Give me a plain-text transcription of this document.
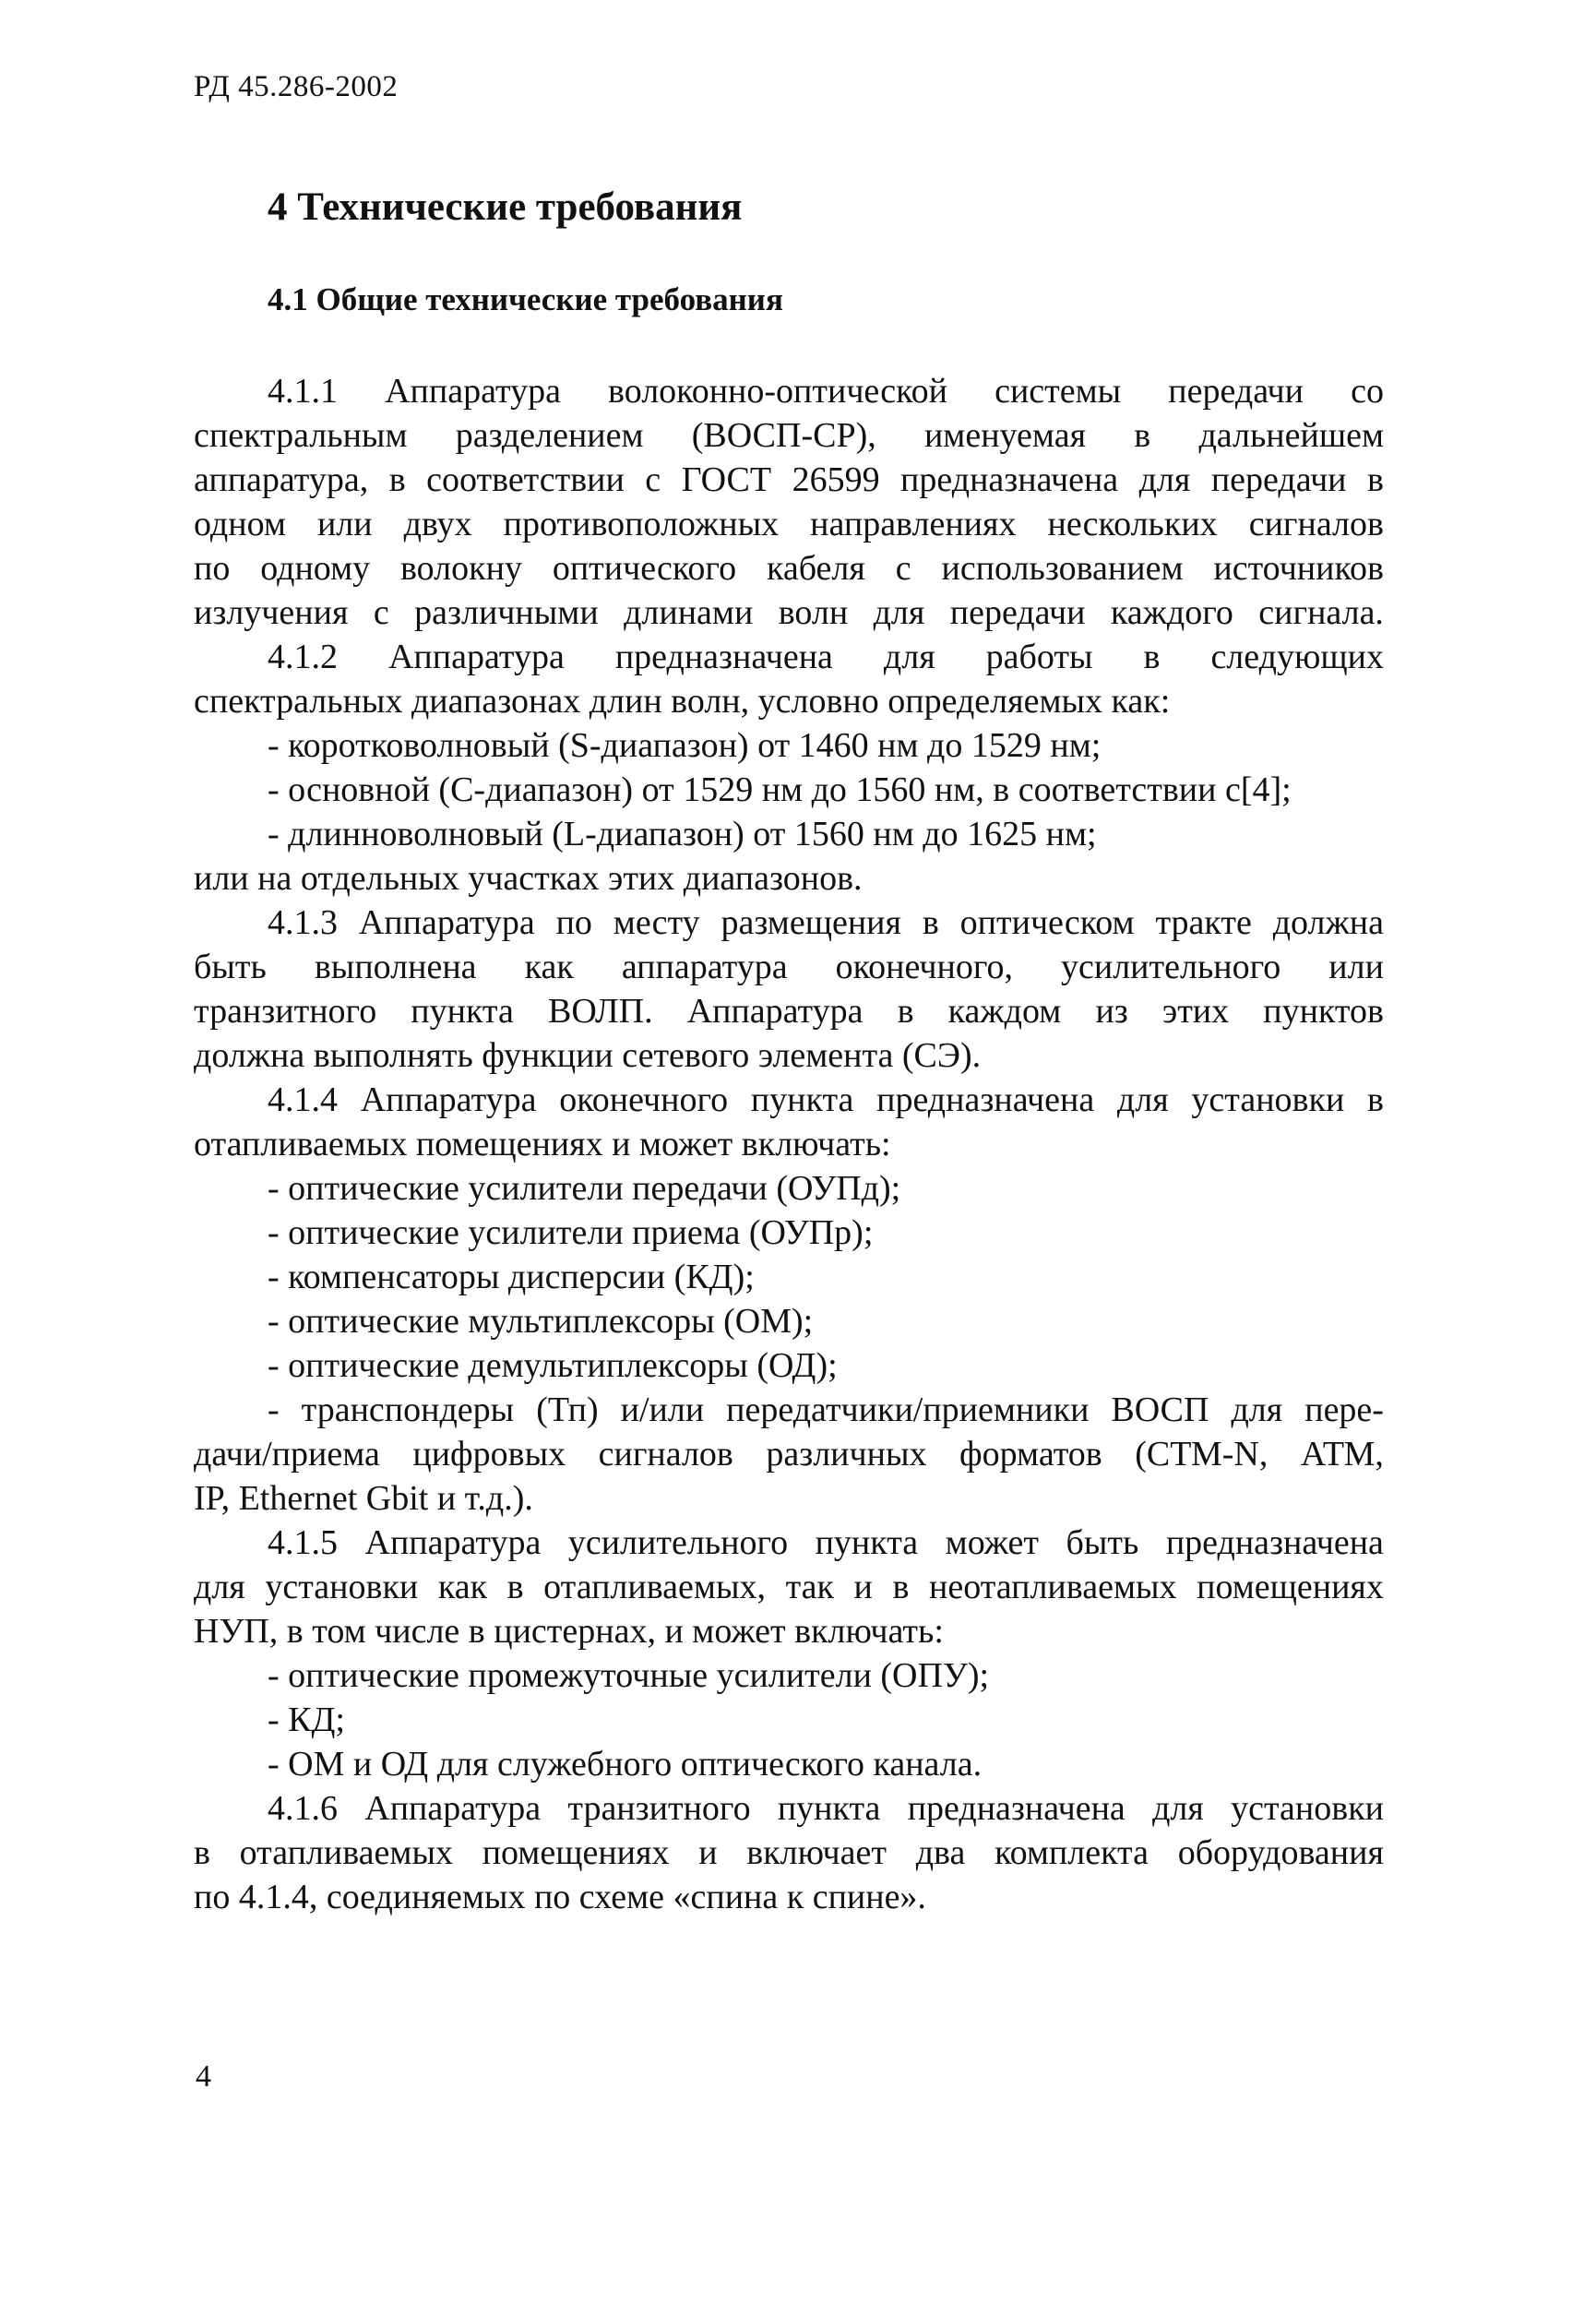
РД 45.286-2002
4 Технические требования
4.1 Общие технические требования
4.1.1 Аппаратура волоконно-оптической системы передачи со
спектральным разделением (ВОСП-СР), именуемая в дальнейшем
аппаратура, в соответствии с ГОСТ 26599 предназначена для передачи в
одном или двух противоположных направлениях нескольких сигналов
по одному волокну оптического кабеля с использованием источников
излучения с различными длинами волн для передачи каждого сигнала.
4.1.2 Аппаратура предназначена для работы в следующих
спектральных диапазонах длин волн, условно определяемых как:
- коротковолновый (S-диапазон) от 1460 нм до 1529 нм;
- основной (С-диапазон) от 1529 нм до 1560 нм, в соответствии с[4];
- длинноволновый (L-диапазон) от 1560 нм до 1625 нм;
или на отдельных участках этих диапазонов.
4.1.3 Аппаратура по месту размещения в оптическом тракте должна
быть выполнена как аппаратура оконечного, усилительного или
транзитного пункта ВОЛП. Аппаратура в каждом из этих пунктов
должна выполнять функции сетевого элемента (СЭ).
4.1.4 Аппаратура оконечного пункта предназначена для установки в
отапливаемых помещениях и может включать:
- оптические усилители передачи (ОУПд);
- оптические усилители приема (ОУПр);
- компенсаторы дисперсии (КД);
- оптические мультиплексоры (ОМ);
- оптические демультиплексоры (ОД);
- транспондеры (Тп) и/или передатчики/приемники ВОСП для пере-
дачи/приема цифровых сигналов различных форматов (СТМ-N, АТМ,
IP, Ethernet Gbit и т.д.).
4.1.5 Аппаратура усилительного пункта может быть предназначена
для установки как в отапливаемых, так и в неотапливаемых помещениях
НУП, в том числе в цистернах, и может включать:
- оптические промежуточные усилители (ОПУ);
- КД;
- ОМ и ОД для служебного оптического канала.
4.1.6 Аппаратура транзитного пункта предназначена для установки
в отапливаемых помещениях и включает два комплекта оборудования
по 4.1.4, соединяемых по схеме «спина к спине».
4
